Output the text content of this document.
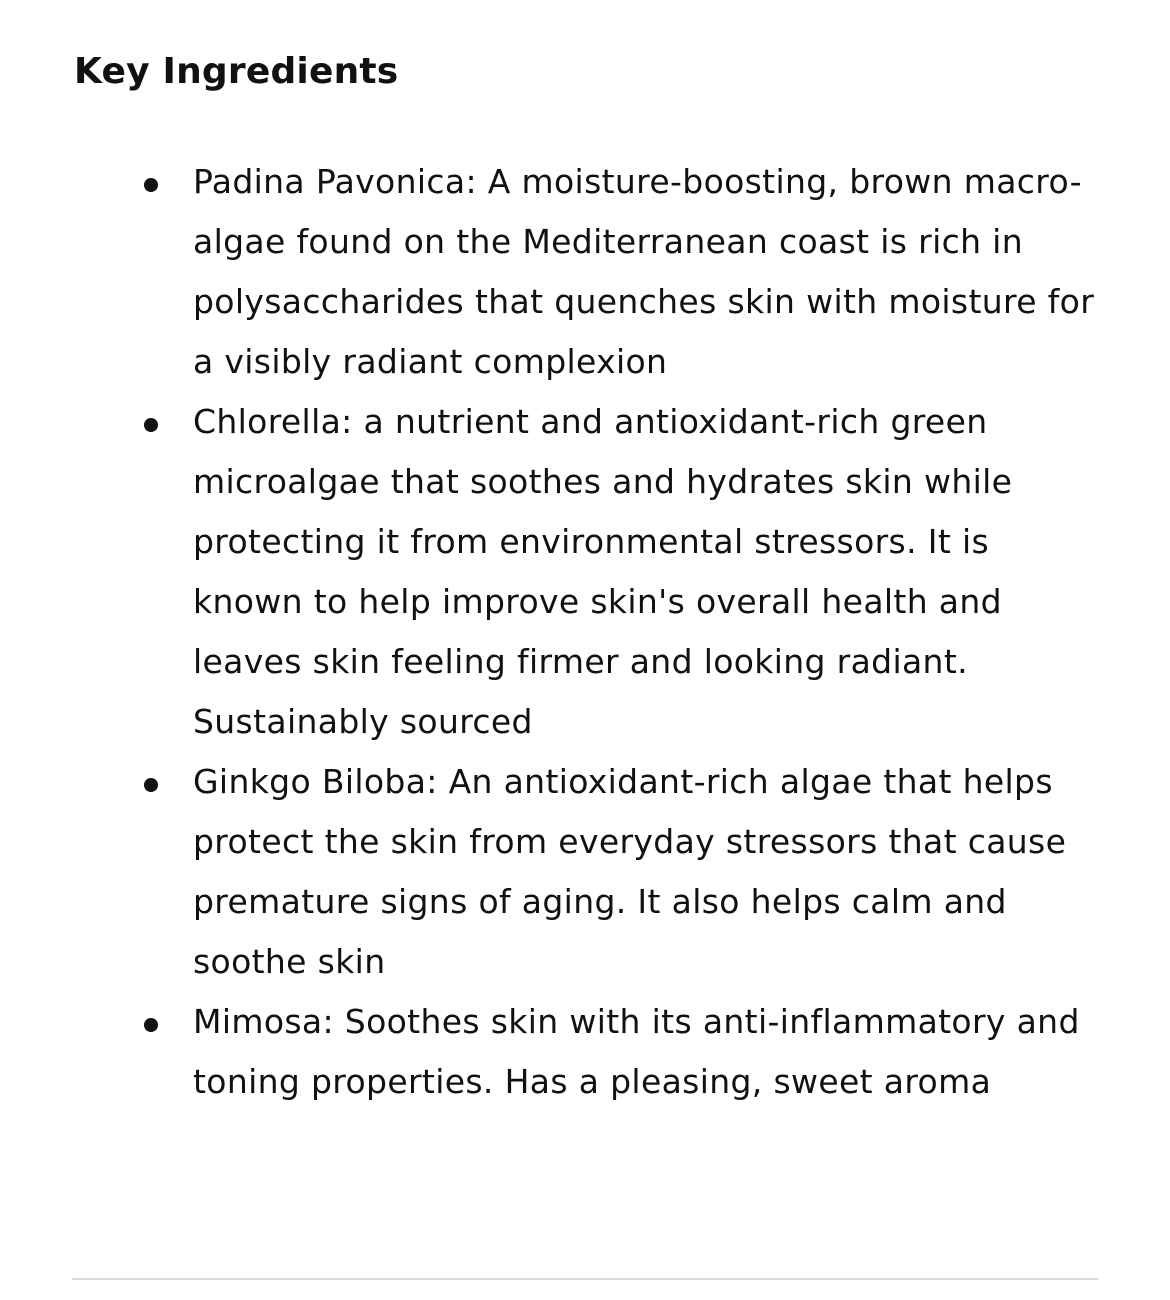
Key Ingredients
Padina Pavonica: A moisture-boosting, brown macro-algae found on the Mediterranean coast is rich in polysaccharides that quenches skin with moisture for a visibly radiant complexion
Chlorella: a nutrient and antioxidant-rich green microalgae that soothes and hydrates skin while protecting it from environmental stressors. It is known to help improve skin's overall health and leaves skin feeling firmer and looking radiant. Sustainably sourced
Ginkgo Biloba: An antioxidant-rich algae that helps protect the skin from everyday stressors that cause premature signs of aging. It also helps calm and soothe skin
Mimosa: Soothes skin with its anti-inflammatory and toning properties. Has a pleasing, sweet aroma
